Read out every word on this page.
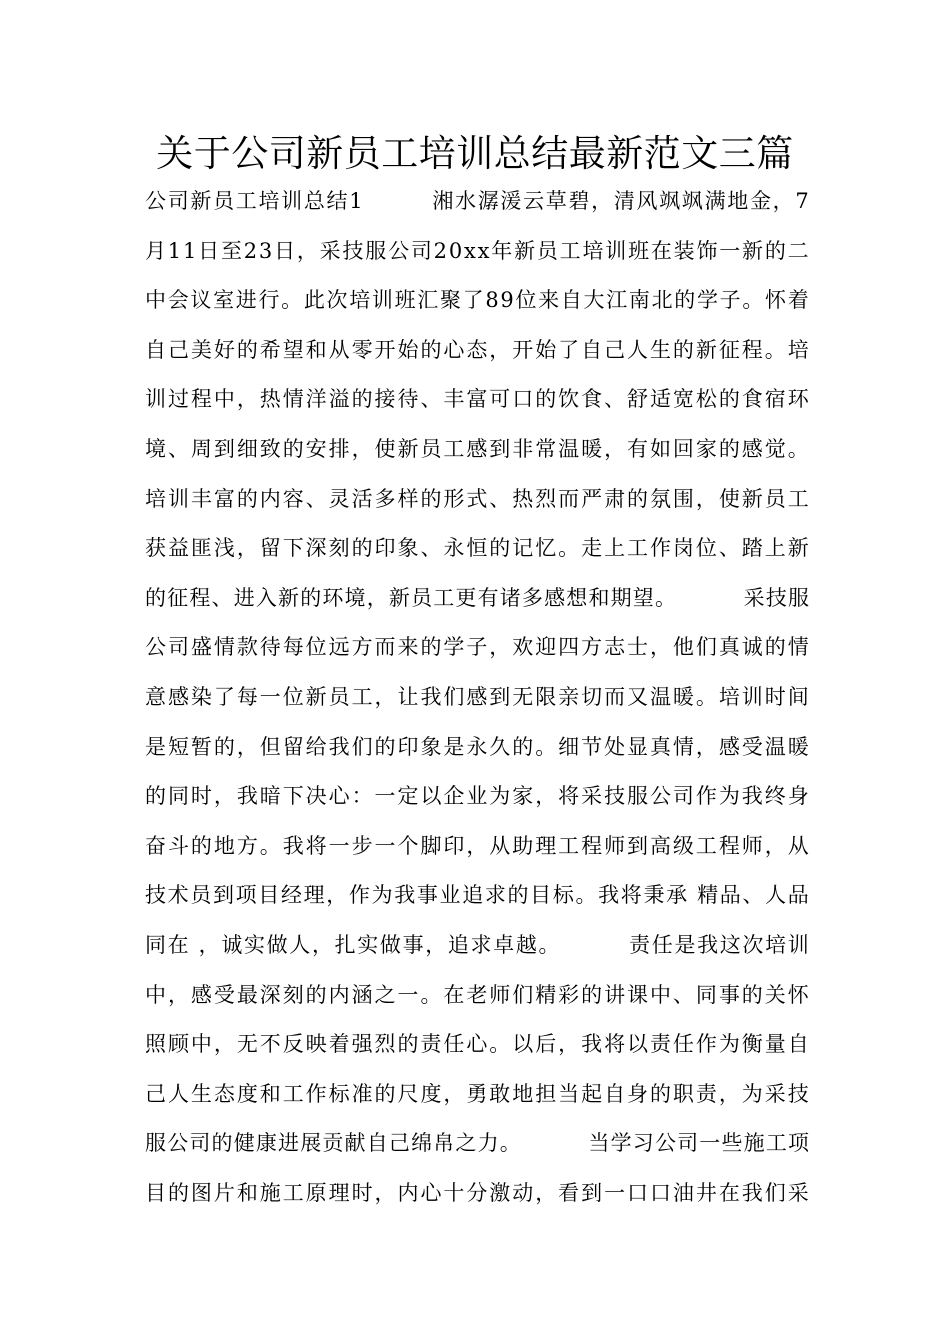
关于公司新员工培训总结最新范文三篇
公 司 新 员 工 培 训 总 结 1

　	湘 水 潺 湲 云 草 碧 ， 清 风 飒 飒 满 地 金 ， 7
月 1 1 日 至 2 3 日 ， 采 技 服 公 司 2 0 x x 年 新 员 工 培 训 班 在 装 饰 一 新 的 二
中 会 议 室 进 行 。 此 次 培 训 班 汇 聚 了 8 9 位 来 自 大 江 南 北 的 学 子 。 怀 着
自 己 美 好 的 希 望 和 从 零 开 始 的 心 态 ， 开 始 了 自 己 人 生 的 新 征 程 。 培
训 过 程 中 ， 热 情 洋 溢 的 接 待 、 丰 富 可 口 的 饮 食 、 舒 适 宽 松 的 食 宿 环
境 、 周 到 细 致 的 安 排 ， 使 新 员 工 感 到 非 常 温 暖 ， 有 如 回 家 的 感 觉 。
培 训 丰 富 的 内 容 、 灵 活 多 样 的 形 式 、 热 烈 而 严 肃 的 氛 围 ， 使 新 员 工
获 益 匪 浅 ， 留 下 深 刻 的 印 象 、 永 恒 的 记 忆 。 走 上 工 作 岗 位 、 踏 上 新
的 征 程 、 进 入 新 的 环 境 ， 新 员 工 更 有 诸 多 感 想 和 期 望 。

　	采 技 服
公 司 盛 情 款 待 每 位 远 方 而 来 的 学 子 ， 欢 迎 四 方 志 士 ， 他 们 真 诚 的 情
意 感 染 了 每 一 位 新 员 工 ， 让 我 们 感 到 无 限 亲 切 而 又 温 暖 。 培 训 时 间
是 短 暂 的 ， 但 留 给 我 们 的 印 象 是 永 久 的 。 细 节 处 显 真 情 ， 感 受 温 暖
的 同 时 ， 我 暗 下 决 心 ： 一 定 以 企 业 为 家 ， 将 采 技 服 公 司 作 为 我 终 身
奋 斗 的 地 方 。 我 将 一 步 一 个 脚 印 ， 从 助 理 工 程 师 到 高 级 工 程 师 ， 从
技 术 员 到 项 目 经 理 ， 作 为 我 事 业 追 求 的 目 标 。 我 将 秉 承
精 品 、 人 品
同 在
， 诚 实 做 人 ， 扎 实 做 事 ， 追 求 卓 越 。

　	责 任 是 我 这 次 培 训
中 ， 感 受 最 深 刻 的 内 涵 之 一 。 在 老 师 们 精 彩 的 讲 课 中 、 同 事 的 关 怀
照 顾 中 ， 无 不 反 映 着 强 烈 的 责 任 心 。 以 后 ， 我 将 以 责 任 作 为 衡 量 自
己 人 生 态 度 和 工 作 标 准 的 尺 度 ， 勇 敢 地 担 当 起 自 身 的 职 责 ， 为 采 技
服 公 司 的 健 康 进 展 贡 献 自 己 绵 帛 之 力 。

　	当 学 习 公 司 一 些 施 工 项
目 的 图 片 和 施 工 原 理 时 ， 内 心 十 分 激 动 ， 看 到 一 口 口 油 井 在 我 们 采
